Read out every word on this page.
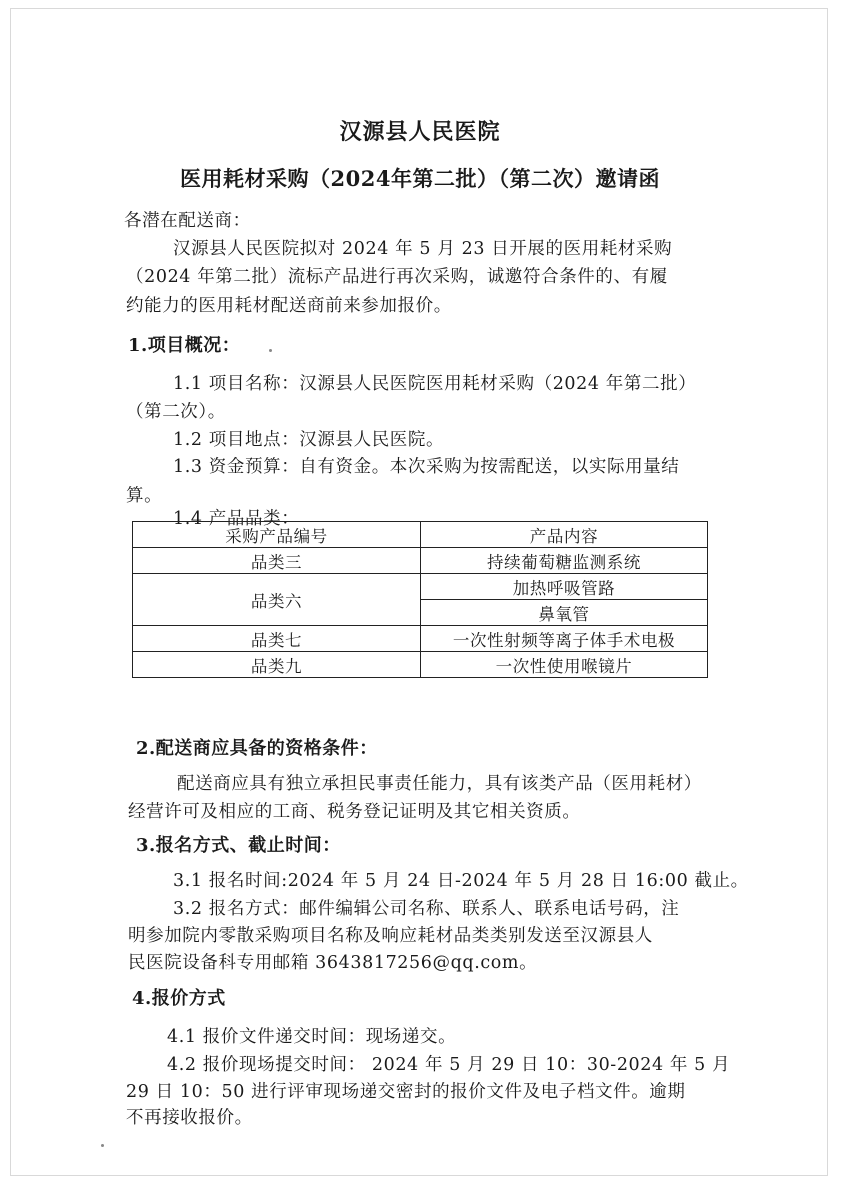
汉源县人民医院
医用耗材采购（2024年第二批）（第二次）邀请函
各潜在配送商：
汉源县人民医院拟对 2024 年 5 月 23 日开展的医用耗材采购
（2024 年第二批）流标产品进行再次采购，诚邀符合条件的、有履
约能力的医用耗材配送商前来参加报价。
1.项目概况：
1.1 项目名称：汉源县人民医院医用耗材采购（2024 年第二批）
（第二次）。
1.2 项目地点：汉源县人民医院。
1.3 资金预算：自有资金。本次采购为按需配送，以实际用量结
算。
1.4 产品品类：
采购产品编号	产品内容
品类三	持续葡萄糖监测系统
品类六	加热呼吸管路
	鼻氧管
品类七	一次性射频等离子体手术电极
品类九	一次性使用喉镜片
2.配送商应具备的资格条件：
配送商应具有独立承担民事责任能力，具有该类产品（医用耗材）
经营许可及相应的工商、税务登记证明及其它相关资质。
3.报名方式、截止时间：
3.1 报名时间:2024 年 5 月 24 日-2024 年 5 月 28 日 16:00 截止。
3.2 报名方式：邮件编辑公司名称、联系人、联系电话号码，注
明参加院内零散采购项目名称及响应耗材品类类别发送至汉源县人
民医院设备科专用邮箱 3643817256@qq.com。
4.报价方式
4.1 报价文件递交时间：现场递交。
4.2 报价现场提交时间： 2024 年 5 月 29 日 10：30-2024 年 5 月
29 日 10：50 进行评审现场递交密封的报价文件及电子档文件。逾期
不再接收报价。
